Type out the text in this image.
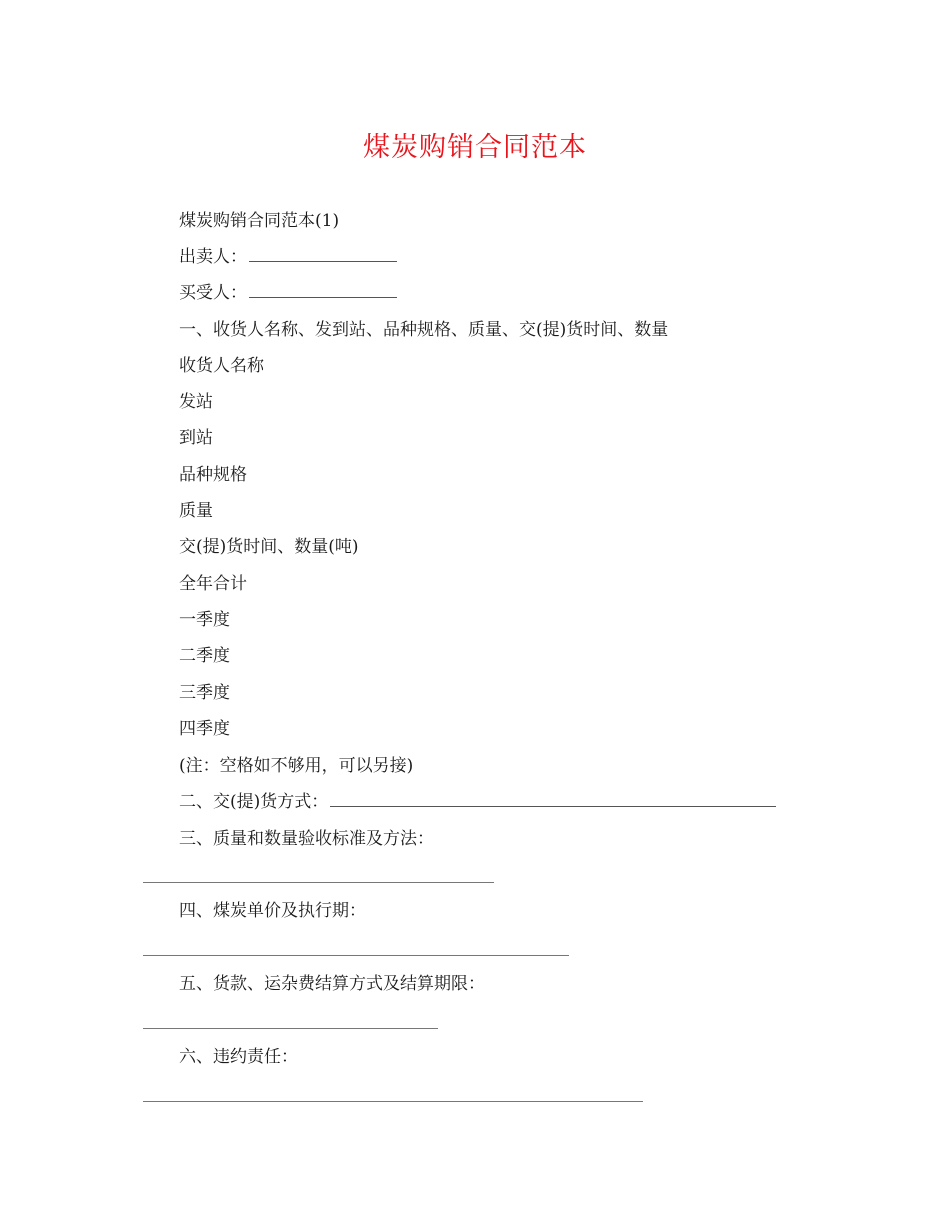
煤炭购销合同范本
煤炭购销合同范本(1)
出卖人：
买受人：
一、收货人名称、发到站、品种规格、质量、交(提)货时间、数量
收货人名称
发站
到站
品种规格
质量
交(提)货时间、数量(吨)
全年合计
一季度
二季度
三季度
四季度
(注：空格如不够用，可以另接)
二、交(提)货方式：
三、质量和数量验收标准及方法：
四、煤炭单价及执行期：
五、货款、运杂费结算方式及结算期限：
六、违约责任：
